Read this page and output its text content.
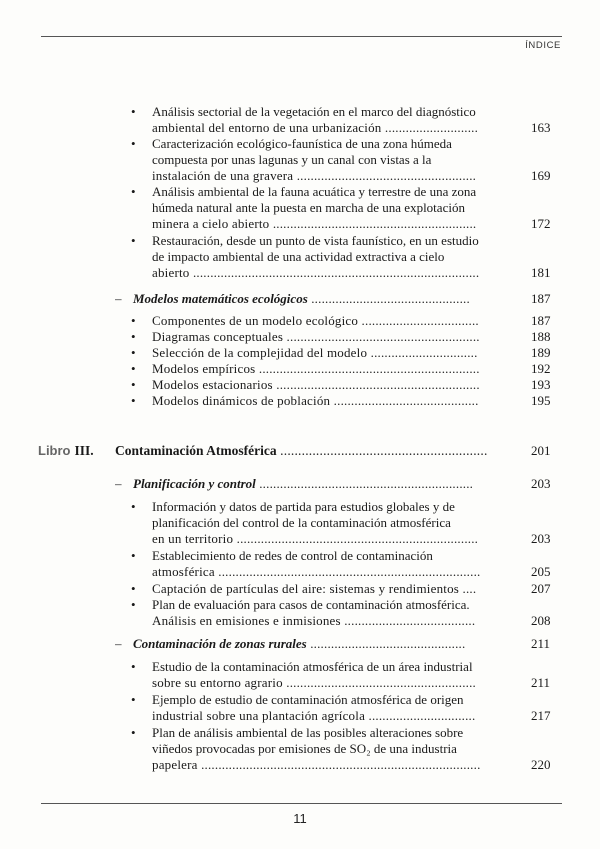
ÍNDICE
• Análisis sectorial de la vegetación en el marco del diagnóstico
ambiental del entorno de una urbanización ...........................	163
• Caracterización ecológico-faunística de una zona húmeda
compuesta por unas lagunas y un canal con vistas a la
instalación de una gravera ....................................................	169
• Análisis ambiental de la fauna acuática y terrestre de una zona
húmeda natural ante la puesta en marcha de una explotación
minera a cielo abierto ...........................................................	172
• Restauración, desde un punto de vista faunístico, en un estudio
de impacto ambiental de una actividad extractiva a cielo
abierto ...................................................................................	181
– Modelos matemáticos ecológicos ..............................................	187
• Componentes de un modelo ecológico ..................................	187
• Diagramas conceptuales ........................................................	188
• Selección de la complejidad del modelo ...............................	189
• Modelos empíricos ................................................................	192
• Modelos estacionarios ...........................................................	193
• Modelos dinámicos de población ..........................................	195
Libro III. Contaminación Atmosférica ..........................................................	201
– Planificación y control ..............................................................	203
• Información y datos de partida para estudios globales y de
planificación del control de la contaminación atmosférica
en un territorio ......................................................................	203
• Establecimiento de redes de control de contaminación
atmosférica ............................................................................	205
• Captación de partículas del aire: sistemas y rendimientos ....	207
• Plan de evaluación para casos de contaminación atmosférica.
Análisis en emisiones e inmisiones ......................................	208
– Contaminación de zonas rurales .............................................	211
• Estudio de la contaminación atmosférica de un área industrial
sobre su entorno agrario .......................................................	211
• Ejemplo de estudio de contaminación atmosférica de origen
industrial sobre una plantación agrícola ...............................	217
• Plan de análisis ambiental de las posibles alteraciones sobre
viñedos provocadas por emisiones de SO₂ de una industria
papelera .................................................................................	220
11
